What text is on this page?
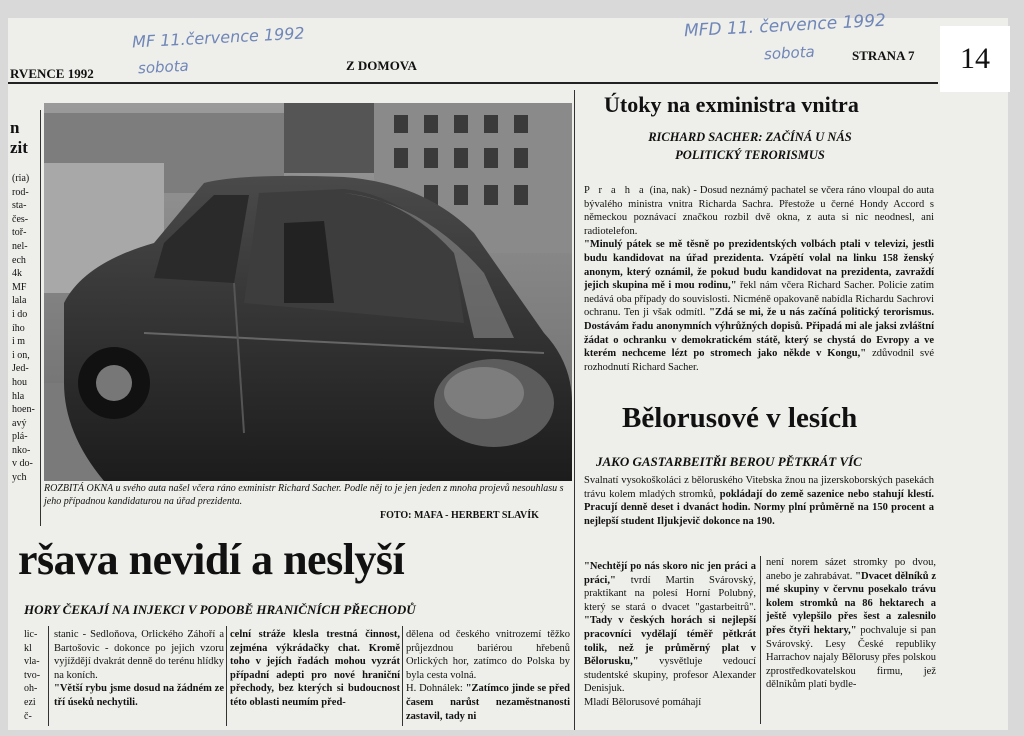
MF 11.července 1992
sobota
MFD 11. července 1992
sobota
RVENCE 1992
Z DOMOVA
STRANA 7	14
n
zit
(ria)
rod-
sta-
čes-
toř-
nel-
ech
4k
MF
lala
i do
ího
i m
i on,
Jed-
hou
hla
hoen-
avý
plá-
nko-
v do-
ych
ROZBITÁ OKNA u svého auta našel včera ráno exministr Richard Sacher. Podle něj to je jen jeden z mnoha projevů nesouhlasu s jeho případnou kandidaturou na úřad prezidenta.
FOTO: MAFA - HERBERT SLAVÍK
Útoky na exministra vnitra
RICHARD SACHER: ZAČÍNÁ U NÁS
POLITICKÝ TERORISMUS
P r a h a (ina, nak) - Dosud neznámý pachatel se včera ráno vloupal do auta bývalého ministra vnitra Richarda Sachra. Přestože u černé Hondy Accord s německou poznávací značkou rozbil dvě okna, z auta si nic neodnesl, ani radiotelefon.
"Minulý pátek se mě těsně po prezidentských volbách ptali v televizi, jestli budu kandidovat na úřad prezidenta. Vzápětí volal na linku 158 ženský anonym, který oznámil, že pokud budu kandidovat na prezidenta, zavraždí jejich skupina mě i mou rodinu," řekl nám včera Richard Sacher. Policie zatím nedává oba případy do souvislosti. Nicméně opakovaně nabídla Richardu Sachrovi ochranu. Ten ji však odmítl. "Zdá se mi, že u nás začíná politický terorismus. Dostávám řadu anonymních výhrůžných dopisů. Připadá mi ale jaksi zvláštní žádat o ochranku v demokratickém státě, který se chystá do Evropy a ve kterém nechceme lézt po stromech jako někde v Kongu," zdůvodnil své rozhodnutí Richard Sacher.
Bělorusové v lesích
JAKO GASTARBEITŘI BEROU PĚTKRÁT VÍC
Svalnatí vysokoškoláci z běloruského Vitebska žnou na jizerskoborských pasekách trávu kolem mladých stromků, pokládají do země sazenice nebo stahují klestí. Pracují denně deset i dvanáct hodin. Normy plní průměrně na 150 procent a nejlepší student Iljukjevič dokonce na 190.
"Nechtějí po nás skoro nic jen práci a práci," tvrdí Martin Svárovský, praktikant na polesí Horní Polubný, který se stará o dvacet "gastarbeitrů". "Tady v českých horách si nejlepší pracovníci vydělají téměř pětkrát tolik, než je průměrný plat v Bělorusku," vysvětluje vedoucí studentské skupiny, profesor Alexander Denisjuk.
Mladí Bělorusové pomáhají
není norem sázet stromky po dvou, anebo je zahrabávat. "Dvacet dělníků z mé skupiny v červnu posekalo trávu kolem stromků na 86 hektarech a ještě vylepšilo přes šest a zalesnilo přes čtyři hektary," pochvaluje si pan Svárovský. Lesy České republiky Harrachov najaly Bělorusy přes polskou zprostředkovatelskou firmu, jež dělníkům platí bydle-
ršava nevidí a neslyší
HORY ČEKAJÍ NA INJEKCI V PODOBĚ HRANIČNÍCH PŘECHODŮ
lic-
kl
vla-
tvo-
oh-
ezi
č-
stanic - Sedloňova, Orlického Záhoří a Bartošovic - dokonce po jejich vzoru vyjíždějí dvakrát denně do terénu hlídky na koních.
"Větší rybu jsme dosud na žádném ze tří úseků nechytili.
celní stráže klesla trestná činnost, zejména výkrádačky chat. Kromě toho v jejích řadách mohou vyzrát případní adepti pro nové hraniční přechody, bez kterých si budoucnost této oblasti neumím před-
dělena od českého vnitrozemí těžko průjezdnou bariérou hřebenů Orlických hor, zatímco do Polska by byla cesta volná.
H. Dohnálek: "Zatímco jinde se před časem narůst nezaměstnanosti zastavil, tady ni
